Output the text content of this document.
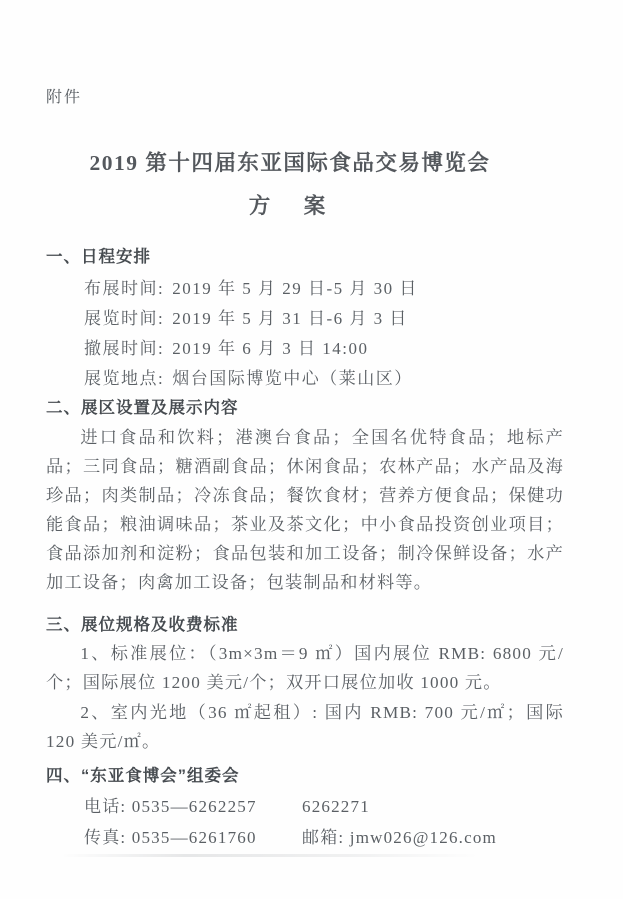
附件
2019 第十四届东亚国际食品交易博览会
方　案
一、日程安排
布展时间: 2019 年 5 月 29 日-5 月 30 日
展览时间: 2019 年 5 月 31 日-6 月 3 日
撤展时间: 2019 年 6 月 3 日 14:00
展览地点: 烟台国际博览中心（莱山区）
二、展区设置及展示内容
进口食品和饮料；港澳台食品；全国名优特食品；地标产品；三同食品；糖酒副食品；休闲食品；农林产品；水产品及海珍品；肉类制品；冷冻食品；餐饮食材；营养方便食品；保健功能食品；粮油调味品；茶业及茶文化；中小食品投资创业项目；食品添加剂和淀粉；食品包装和加工设备；制冷保鲜设备；水产加工设备；肉禽加工设备；包装制品和材料等。
三、展位规格及收费标准
1、标准展位：（3m×3m＝9 ㎡）国内展位 RMB: 6800 元/个；国际展位 1200 美元/个；双开口展位加收 1000 元。
2、室内光地（36 ㎡起租）: 国内 RMB: 700 元/㎡；国际 120 美元/㎡。
四、“东亚食博会”组委会
电话: 0535—6262257	6262271
传真: 0535—6261760	邮箱: jmw026@126.com
